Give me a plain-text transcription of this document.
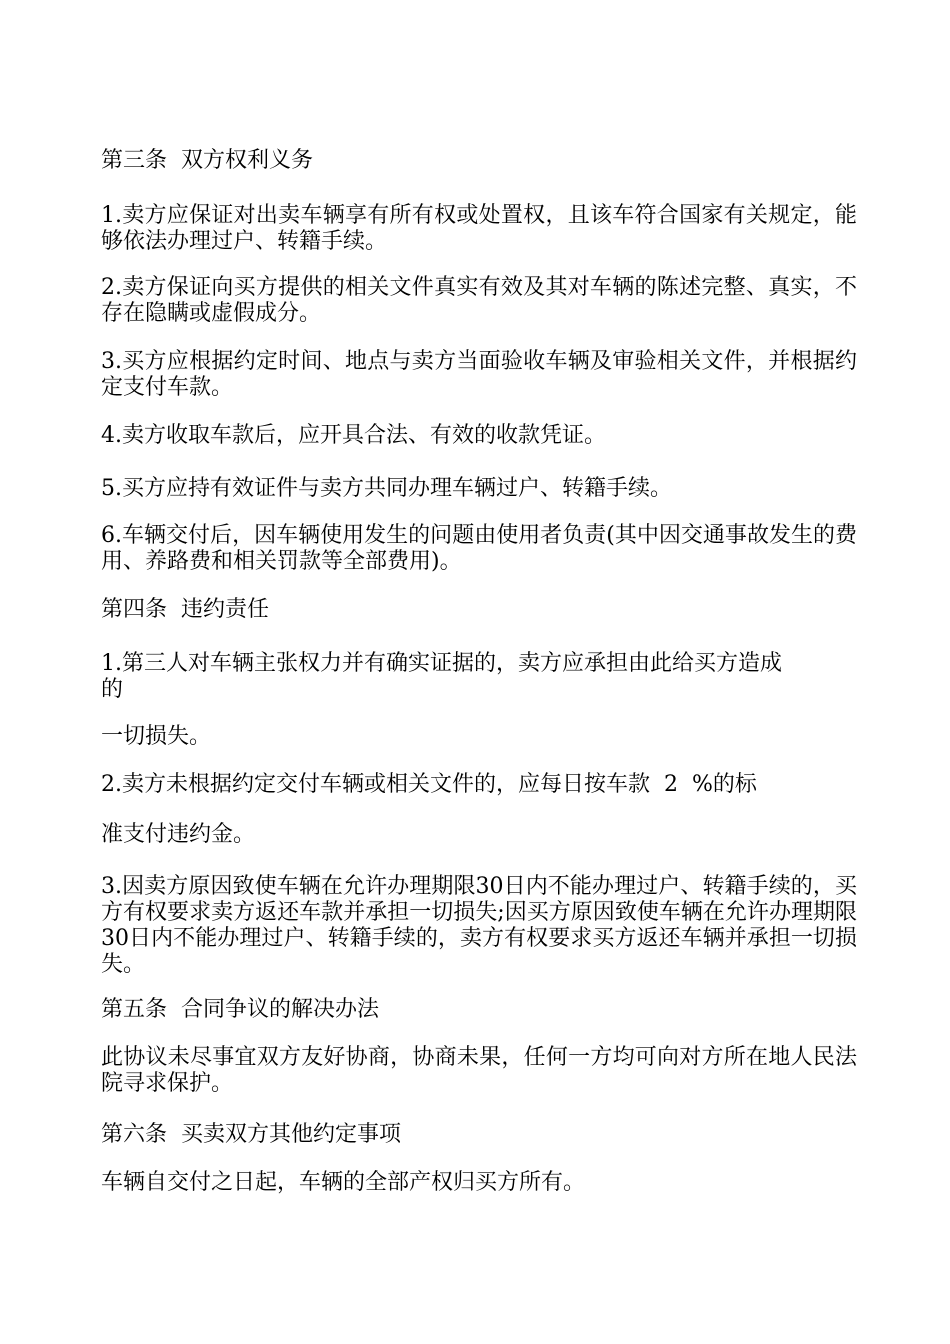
第三条  双方权利义务

1.卖方应保证对出卖车辆享有所有权或处置权，且该车符合国家有关规定，能够依法办理过户、转籍手续。

2.卖方保证向买方提供的相关文件真实有效及其对车辆的陈述完整、真实，不存在隐瞒或虚假成分。

3.买方应根据约定时间、地点与卖方当面验收车辆及审验相关文件，并根据约定支付车款。

4.卖方收取车款后，应开具合法、有效的收款凭证。

5.买方应持有效证件与卖方共同办理车辆过户、转籍手续。

6.车辆交付后，因车辆使用发生的问题由使用者负责(其中因交通事故发生的费用、养路费和相关罚款等全部费用)。

第四条  违约责任

1.第三人对车辆主张权力并有确实证据的，卖方应承担由此给买方造成
的

一切损失。

2.卖方未根据约定交付车辆或相关文件的，应每日按车款  2  %的标

准支付违约金。

3.因卖方原因致使车辆在允许办理期限30日内不能办理过户、转籍手续的，买方有权要求卖方返还车款并承担一切损失;因买方原因致使车辆在允许办理期限30日内不能办理过户、转籍手续的，卖方有权要求买方返还车辆并承担一切损失。

第五条  合同争议的解决办法

此协议未尽事宜双方友好协商，协商未果，任何一方均可向对方所在地人民法院寻求保护。

第六条  买卖双方其他约定事项

车辆自交付之日起，车辆的全部产权归买方所有。
